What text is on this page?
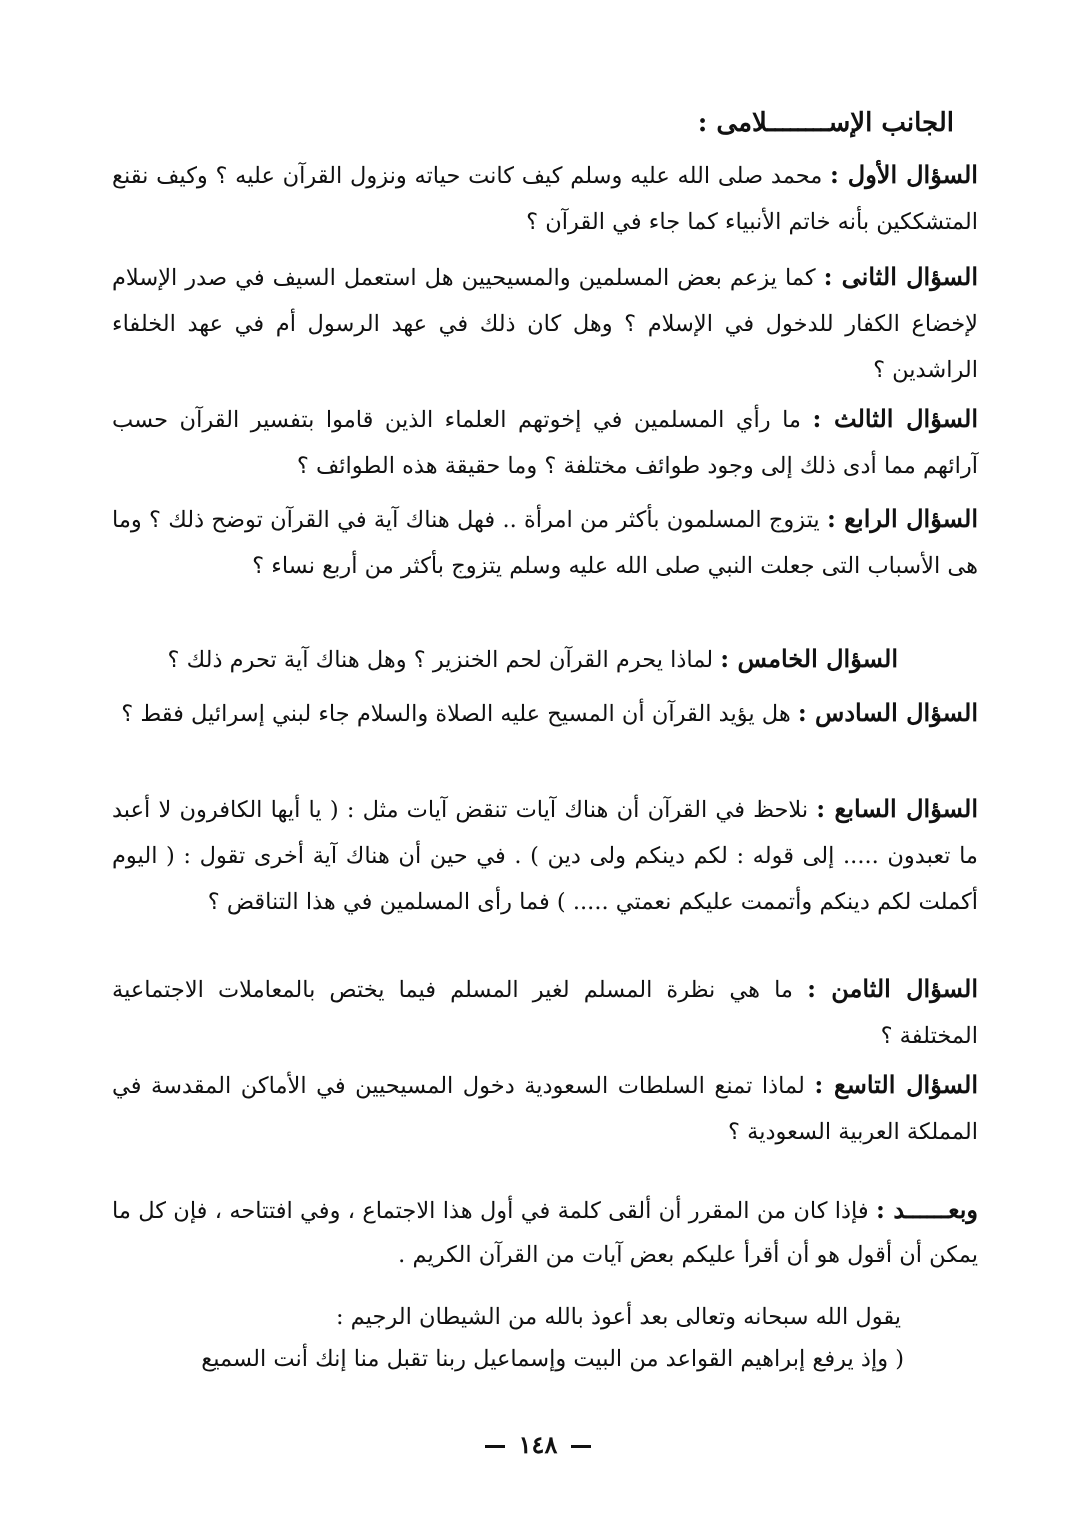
الجانب الإســــــــلامى :

السؤال الأول : محمد صلى الله عليه وسلم كيف كانت حياته ونزول القرآن عليه ؟ وكيف نقنع المتشككين بأنه خاتم الأنبياء كما جاء في القرآن ؟

السؤال الثانى : كما يزعم بعض المسلمين والمسيحيين هل استعمل السيف في صدر الإسلام لإخضاع الكفار للدخول في الإسلام ؟ وهل كان ذلك في عهد الرسول أم في عهد الخلفاء الراشدين ؟

السؤال الثالث : ما رأي المسلمين في إخوتهم العلماء الذين قاموا بتفسير القرآن حسب آرائهم مما أدى ذلك إلى وجود طوائف مختلفة ؟ وما حقيقة هذه الطوائف ؟

السؤال الرابع : يتزوج المسلمون بأكثر من امرأة .. فهل هناك آية في القرآن توضح ذلك ؟ وما هى الأسباب التى جعلت النبي صلى الله عليه وسلم يتزوج بأكثر من أربع نساء ؟

السؤال الخامس : لماذا يحرم القرآن لحم الخنزير ؟ وهل هناك آية تحرم ذلك ؟

السؤال السادس : هل يؤيد القرآن أن المسيح عليه الصلاة والسلام جاء لبني إسرائيل فقط ؟

السؤال السابع : نلاحظ في القرآن أن هناك آيات تنقض آيات مثل : ( يا أيها الكافرون لا أعبد ما تعبدون ..... إلى قوله : لكم دينكم ولى دين ) . في حين أن هناك آية أخرى تقول : ( اليوم أكملت لكم دينكم وأتممت عليكم نعمتي ..... ) فما رأى المسلمين في هذا التناقض ؟

السؤال الثامن : ما هي نظرة المسلم لغير المسلم فيما يختص بالمعاملات الاجتماعية المختلفة ؟

السؤال التاسع : لماذا تمنع السلطات السعودية دخول المسيحيين في الأماكن المقدسة في المملكة العربية السعودية ؟

وبعــــــد : فإذا كان من المقرر أن ألقى كلمة في أول هذا الاجتماع ، وفي افتتاحه ، فإن كل ما يمكن أن أقول هو أن أقرأ عليكم بعض آيات من القرآن الكريم .

يقول الله سبحانه وتعالى بعد أعوذ بالله من الشيطان الرجيم :

( وإذ يرفع إبراهيم القواعد من البيت وإسماعيل ربنا تقبل منا إنك أنت السميع

١٤٨
